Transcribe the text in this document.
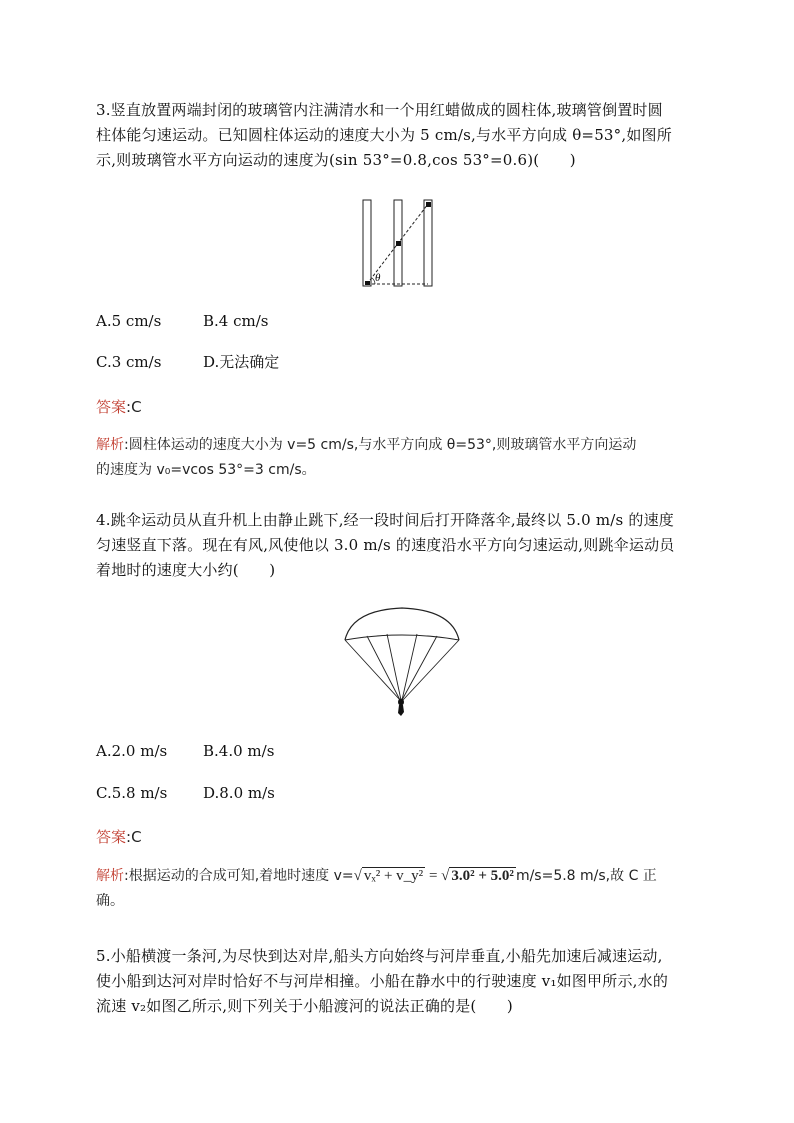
3.竖直放置两端封闭的玻璃管内注满清水和一个用红蜡做成的圆柱体,玻璃管倒置时圆
柱体能匀速运动。已知圆柱体运动的速度大小为 5 cm/s,与水平方向成 θ=53°,如图所
示,则玻璃管水平方向运动的速度为(sin 53°=0.8,cos 53°=0.6)(　　)
θ
A.5 cm/s	B.4 cm/s
C.3 cm/s	D.无法确定
答案:C
解析:圆柱体运动的速度大小为 v=5 cm/s,与水平方向成 θ=53°,则玻璃管水平方向运动
的速度为 v₀=vcos 53°=3 cm/s。
4.跳伞运动员从直升机上由静止跳下,经一段时间后打开降落伞,最终以 5.0 m/s 的速度
匀速竖直下落。现在有风,风使他以 3.0 m/s 的速度沿水平方向匀速运动,则跳伞运动员
着地时的速度大小约(　　)
A.2.0 m/s B.4.0 m/s
C.5.8 m/s D.8.0 m/s
答案:C
解析:根据运动的合成可知,着地时速度 v=√ vₓ² + v_y² = √ 3.0² + 5.0² m/s=5.8 m/s,故 C 正
确。
5.小船横渡一条河,为尽快到达对岸,船头方向始终与河岸垂直,小船先加速后减速运动,
使小船到达河对岸时恰好不与河岸相撞。小船在静水中的行驶速度 v₁如图甲所示,水的
流速 v₂如图乙所示,则下列关于小船渡河的说法正确的是(　　)
